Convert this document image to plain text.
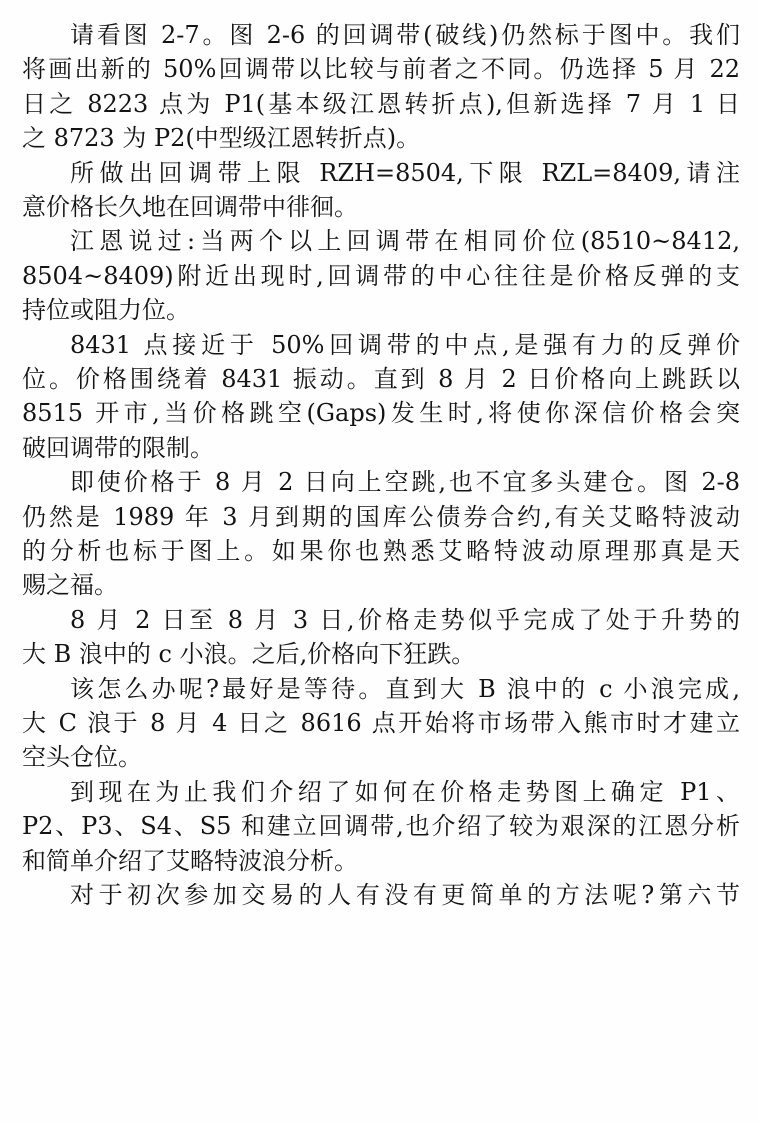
请看图 2-7。图 2-6 的回调带(破线)仍然标于图中。我们
将画出新的 50%回调带以比较与前者之不同。仍选择 5 月 22
日之 8223 点为 P1(基本级江恩转折点),但新选择 7 月 1 日
之 8723 为 P2(中型级江恩转折点)。
所做出回调带上限 RZH=8504,下限 RZL=8409,请注
意价格长久地在回调带中徘徊。
江恩说过:当两个以上回调带在相同价位(8510~8412,
8504~8409)附近出现时,回调带的中心往往是价格反弹的支
持位或阻力位。
8431 点接近于 50%回调带的中点,是强有力的反弹价
位。价格围绕着 8431 振动。直到 8 月 2 日价格向上跳跃以
8515 开市,当价格跳空(Gaps)发生时,将使你深信价格会突
破回调带的限制。
即使价格于 8 月 2 日向上空跳,也不宜多头建仓。图 2-8
仍然是 1989 年 3 月到期的国库公债券合约,有关艾略特波动
的分析也标于图上。如果你也熟悉艾略特波动原理那真是天
赐之福。
8 月 2 日至 8 月 3 日,价格走势似乎完成了处于升势的
大 B 浪中的 c 小浪。之后,价格向下狂跌。
该怎么办呢?最好是等待。直到大 B 浪中的 c 小浪完成,
大 C 浪于 8 月 4 日之 8616 点开始将市场带入熊市时才建立
空头仓位。
到现在为止我们介绍了如何在价格走势图上确定 P1、
P2、P3、S4、S5 和建立回调带,也介绍了较为艰深的江恩分析
和简单介绍了艾略特波浪分析。
对于初次参加交易的人有没有更简单的方法呢?第六节
